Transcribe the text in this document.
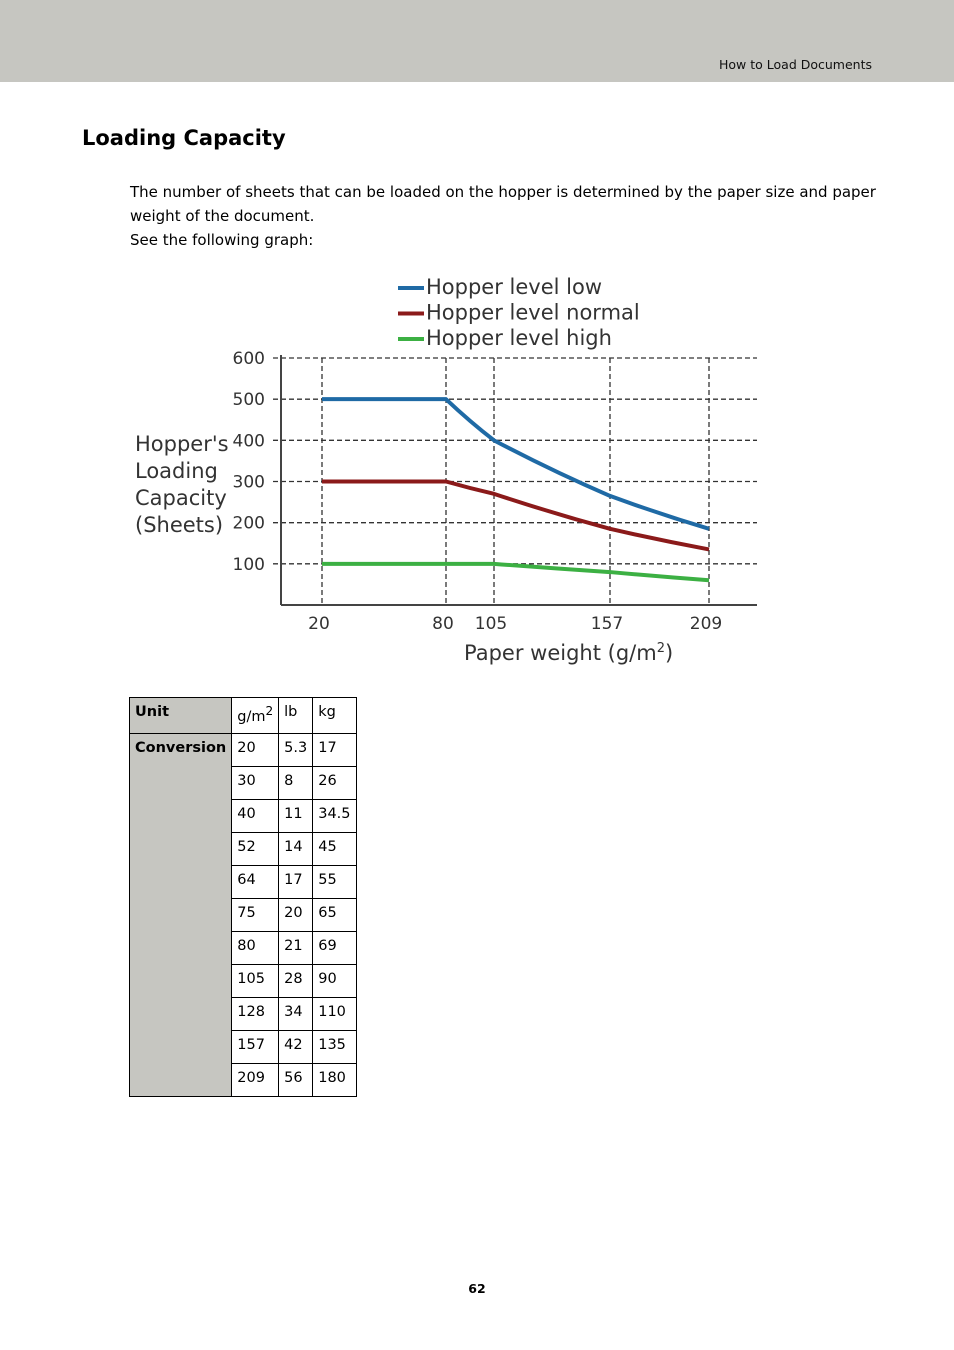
How to Load Documents
Loading Capacity

The number of sheets that can be loaded on the hopper is determined by the paper size and paper weight of the document.

See the following graph:

100
200
300
400
500
600
20	80 105	157	209
Hopper level low
Hopper level normal
Hopper level high
Hopper's
Loading
Capacity
(Sheets)
Paper weight $(g/m^2)$
Unit	$g/m^2$	lb	kg
Conversion	20	5.3	17
	30	8	26
	40	11	34.5
	52	14	45
	64	17	55
	75	20	65
	80	21	69
	105	28	90
	128	34	110
	157	42	135
	209	56	180
62
